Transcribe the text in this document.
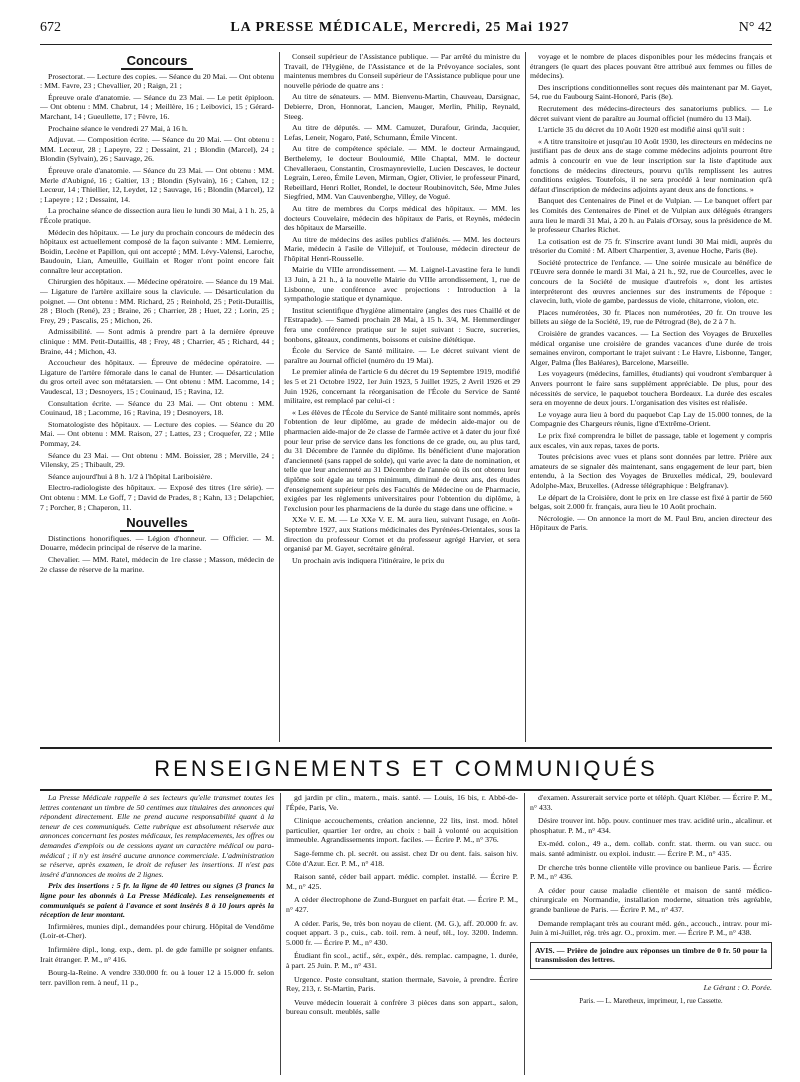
672	LA PRESSE MÉDICALE, Mercredi, 25 Mai 1927	N° 42
Concours

Prosectorat. — Lecture des copies. — Séance du 20 Mai. — Ont obtenu : MM. Favre, 23 ; Chevallier, 20 ; Raign, 21 ;

Épreuve orale d'anatomie. — Séance du 23 Mai. — Le petit épiploon. — Ont obtenu : MM. Chabrut, 14 ; Meillère, 16 ; Leibovici, 15 ; Gérard-Marchant, 14 ; Gueullette, 17 ; Fèvre, 16.

Prochaine séance le vendredi 27 Mai, à 16 h.

Adjuvat. — Composition écrite. — Séance du 20 Mai. — Ont obtenu : MM. Lecœur, 28 ; Lapeyre, 22 ; Dessaint, 21 ; Blondin (Marcel), 24 ; Blondin (Sylvain), 26 ; Sauvage, 26.

Épreuve orale d'anatomie. — Séance du 23 Mai. — Ont obtenu : MM. Merle d'Aubigné, 16 ; Galtier, 13 ; Blondin (Sylvain), 16 ; Cahen, 12 ; Lecœur, 14 ; Thiellier, 12, Leydet, 12 ; Sauvage, 16 ; Blondin (Marcel), 12 ; Lapeyre ; 12 ; Dessaint, 14.

La prochaine séance de dissection aura lieu le lundi 30 Mai, à 1 h. 25, à l'École pratique.

Médecin des hôpitaux. — Le jury du prochain concours de médecin des hôpitaux est actuellement composé de la façon suivante : MM. Lemierre, Boidin, Lecène et Papillon, qui ont accepté ; MM. Lévy-Valensi, Laroche, Baudouin, Lian, Ameuille, Guillain et Roger n'ont point encore fait connaître leur acceptation.

Chirurgien des hôpitaux. — Médecine opératoire. — Séance du 19 Mai. — Ligature de l'artère axillaire sous la clavicule. — Désarticulation du poignet. — Ont obtenu : MM. Richard, 25 ; Reinhold, 25 ; Petit-Dutaillis, 28 ; Bloch (René), 23 ; Braine, 26 ; Charrier, 28 ; Huet, 22 ; Lorin, 25 ; Frey, 29 ; Pascalis, 25 ; Michon, 26.

Admissibilité. — Sont admis à prendre part à la dernière épreuve clinique : MM. Petit-Dutaillis, 48 ; Frey, 48 ; Charrier, 45 ; Richard, 44 ; Braine, 44 ; Michon, 43.

Accoucheur des hôpitaux. — Épreuve de médecine opératoire. — Ligature de l'artère fémorale dans le canal de Hunter. — Désarticulation du gros orteil avec son métatarsien. — Ont obtenu : MM. Lacomme, 14 ; Vaudescal, 13 ; Desnoyers, 15 ; Couinaud, 15 ; Ravina, 12.

Consultation écrite. — Séance du 23 Mai. — Ont obtenu : MM. Couinaud, 18 ; Lacomme, 16 ; Ravina, 19 ; Desnoyers, 18.

Stomatologiste des hôpitaux. — Lecture des copies. — Séance du 20 Mai. — Ont obtenu : MM. Raison, 27 ; Lattes, 23 ; Croquefer, 22 ; Mlle Pommay, 24.

Séance du 23 Mai. — Ont obtenu : MM. Boissier, 28 ; Merville, 24 ; Vilensky, 25 ; Thibault, 29.

Séance aujourd'hui à 8 h. 1/2 à l'hôpital Lariboisière.

Electro-radiologiste des hôpitaux. — Exposé des titres (1re série). — Ont obtenu : MM. Le Goff, 7 ; David de Prades, 8 ; Kahn, 13 ; Delapchier, 7 ; Porcher, 8 ; Chaperon, 11.

Nouvelles

Distinctions honorifiques. — Légion d'honneur. — Officier. — M. Douarre, médecin principal de réserve de la marine.

Chevalier. — MM. Ratel, médecin de 1re classe ; Masson, médecin de 2e classe de réserve de la marine.

Conseil supérieur de l'Assistance publique. — Par arrêté du ministre du Travail, de l'Hygiène, de l'Assistance et de la Prévoyance sociales, sont maintenus membres du Conseil supérieur de l'Assistance publique pour une nouvelle période de quatre ans :

Au titre de sénateurs. — MM. Bienvenu-Martin, Chauveau, Darsignac, Debierre, Dron, Honnorat, Lancien, Mauger, Merlin, Philip, Reynald, Steeg.

Au titre de députés. — MM. Camuzet, Durafour, Grinda, Jacquier, Lefas, Leneir, Nogaro, Paté, Schumann, Émile Vincent.

Au titre de compétence spéciale. — MM. le docteur Armaingaud, Berthelemy, le docteur Bouloumié, Mlle Chaptal, MM. le docteur Chevalleraeu, Constantin, Crosmaynrevielle, Lucien Descaves, le docteur Legrain, Lereo, Émile Leven, Mirman, Ogier, Olivier, le professeur Pinard, Rebeillard, Henri Rollet, Rondel, le docteur Roubinovitch, Sée, Mme Jules Siegfried, MM. Van Cauvenberghe, Villey, de Vogué.

Au titre de membres du Corps médical des hôpitaux. — MM. les docteurs Couvelaire, médecin des hôpitaux de Paris, et Reynès, médecin des hôpitaux de Marseille.

Au titre de médecins des asiles publics d'aliénés. — MM. les docteurs Marie, médecin à l'asile de Villejuif, et Toulouse, médecin directeur de l'hôpital Henri-Rousselle.

Mairie du VIIIe arrondissement. — M. Laignel-Lavastine fera le lundi 13 Juin, à 21 h., à la nouvelle Mairie du VIIIe arrondissement, 1, rue de Lisbonne, une conférence avec projections : Introduction à la sympathologie statique et dynamique.

Institut scientifique d'hygiène alimentaire (angles des rues Chaillé et de l'Estrapade). — Samedi prochain 28 Mai, à 15 h. 3/4, M. Hemmerdinger fera une conférence pratique sur le sujet suivant : Sucre, sucreries, bonbons, gâteaux, condiments, boissons et cuisine diététique.

École du Service de Santé militaire. — Le décret suivant vient de paraître au Journal officiel (numéro du 19 Mai).

Le premier alinéa de l'article 6 du décret du 19 Septembre 1919, modifié les 5 et 21 Octobre 1922, 1er Juin 1923, 5 Juillet 1925, 2 Avril 1926 et 29 Juin 1926, concernant la réorganisation de l'École du Service de Santé militaire, est remplacé par celui-ci :

« Les élèves de l'École du Service de Santé militaire sont nommés, après l'obtention de leur diplôme, au grade de médecin aide-major ou de pharmacien aide-major de 2e classe de l'armée active et à dater du jour fixé pour leur prise de service dans les fonctions de ce grade, ou, au plus tard, du 31 Décembre de l'année du diplôme. Ils bénéficient d'une majoration d'ancienneté (sans rappel de solde), qui varie avec la date de nomination, et telle que leur ancienneté au 31 Décembre de l'année où ils ont obtenu leur diplôme soit égale au temps minimum, diminué de deux ans, des études d'enseignement supérieur près des Facultés de Médecine ou de Pharmacie, exigées par les règlements universitaires pour l'obtention du diplôme, à l'exclusion pour les pharmaciens de la durée du stage dans une officine. »

XXe V. E. M. — Le XXe V. E. M. aura lieu, suivant l'usage, en Août-Septembre 1927, aux Stations médicinales des Pyrénées-Orientales, sous la direction du professeur Cornet et du professeur agrégé Harvier, et sera organisé par M. Gayet, secrétaire général.

Un prochain avis indiquera l'itinéraire, le prix du

voyage et le nombre de places disponibles pour les médecins français et étrangers (le quart des places pouvant être attribué aux femmes ou filles de médecins).

Des inscriptions conditionnelles sont reçues dès maintenant par M. Gayet, 54, rue du Faubourg Saint-Honoré, Paris (8e).

Recrutement des médecins-directeurs des sanatoriums publics. — Le décret suivant vient de paraître au Journal officiel (numéro du 13 Mai).

L'article 35 du décret du 10 Août 1920 est modifié ainsi qu'il suit :

« A titre transitoire et jusqu'au 10 Août 1930, les directeurs en médecins ne justifiant pas de deux ans de stage comme médecins adjoints pourront être admis à concourir en vue de leur inscription sur la liste d'aptitude aux fonctions de médecins directeurs, pourvu qu'ils remplissent les autres conditions exigées. Toutefois, il ne sera procédé à leur nomination qu'à défaut d'inscription de médecins adjoints ayant deux ans de fonctions. »

Banquet des Centenaires de Pinel et de Vulpian. — Le banquet offert par les Comités des Centenaires de Pinel et de Vulpian aux délégués étrangers aura lieu le mardi 31 Mai, à 20 h. au Palais d'Orsay, sous la présidence de M. le professeur Charles Richet.

La cotisation est de 75 fr. S'inscrire avant lundi 30 Mai midi, auprès du trésorier du Comité : M. Albert Charpentier, 3, avenue Hoche, Paris (8e).

Société protectrice de l'enfance. — Une soirée musicale au bénéfice de l'Œuvre sera donnée le mardi 31 Mai, à 21 h., 92, rue de Courcelles, avec le concours de la Société de musique d'autrefois », dont les artistes interpréteront des œuvres anciennes sur des instruments de l'époque : clavecin, luth, viole de gambe, pardessus de viole, chitarrone, violon, etc.

Places numérotées, 30 fr. Places non numérotées, 20 fr. On trouve les billets au siège de la Société, 19, rue de Pétrograd (8e), de 2 à 7 h.

Croisière de grandes vacances. — La Section des Voyages de Bruxelles médical organise une croisière de grandes vacances d'une durée de trois semaines environ, comportant le trajet suivant : Le Havre, Lisbonne, Tanger, Alger, Palma (Îles Baléares), Barcelone, Marseille.

Les voyageurs (médecins, familles, étudiants) qui voudront s'embarquer à Anvers pourront le faire sans supplément appréciable. De plus, pour des nécessités de service, le paquebot touchera Bordeaux. La durée des escales sera en moyenne de deux jours. L'organisation des visites est réalisée.

Le voyage aura lieu à bord du paquebot Cap Lay de 15.000 tonnes, de la Compagnie des Chargeurs réunis, ligne d'Extrême-Orient.

Le prix fixé comprendra le billet de passage, table et logement y compris aux escales, vin aux repas, taxes de ports.

Toutes précisions avec vues et plans sont données par lettre. Prière aux amateurs de se signaler dès maintenant, sans engagement de leur part, bien entendu, à la Section des Voyages de Bruxelles médical, 29, boulevard Adolphe-Max, Bruxelles. (Adresse télégraphique : Belgfranav).

Le départ de la Croisière, dont le prix en 1re classe est fixé à partir de 560 belgas, soit 2.000 fr. français, aura lieu le 10 Août prochain.

Nécrologie. — On annonce la mort de M. Paul Bru, ancien directeur des Hôpitaux de Paris.

RENSEIGNEMENTS ET COMMUNIQUÉS

La Presse Médicale rappelle à ses lecteurs qu'elle transmet toutes les lettres contenant un timbre de 50 centimes aux titulaires des annonces qui répondent directement. Elle ne prend aucune responsabilité quant à la teneur de ces communiqués. Cette rubrique est absolument réservée aux annonces concernant les postes médicaux, les remplacements, les offres ou demandes d'emplois ou de cessions ayant un caractère médical ou para-médical ; il n'y est inséré aucune annonce commerciale. L'administration se réserve, après examen, le droit de refuser les insertions. Il n'est pas inséré d'annonces de moins de 2 lignes.

Prix des insertions : 5 fr. la ligne de 40 lettres ou signes (3 francs la ligne pour les abonnés à La Presse Médicale). Les renseignements et communiqués se paient à l'avance et sont insérés 8 à 10 jours après la réception de leur montant.

Infirmières, munies dipl., demandées pour chirurg. Hôpital de Vendôme (Loir-et-Cher).

Infirmière dipl., long. exp., dem. pl. de gde famille pr soigner enfants. Irait étranger. P. M., n° 416.

Bourg-la-Reine. A vendre 330.000 fr. ou à louer 12 à 15.000 fr. selon terr. pavillon rem. à neuf, 11 p.,

gd jardin pr clin., matern., mais. santé. — Louis, 16 bis, r. Abbé-de-l'Épée, Paris, Ve.

Clinique accouchements, création ancienne, 22 lits, inst. mod. hôtel particulier, quartier 1er ordre, au choix : bail à volonté ou acquisition immeuble. Agrandissements import. faciles. — Écrire P. M., n° 376.

Sage-femme ch. pl. secrét. ou assist. chez Dr ou dent. fais. saison hiv. Côte d'Azur. Ecr. P. M., n° 418.

Raison santé, céder bail appart. médic. complet. installé. — Écrire P. M., n° 425.

A céder électrophone de Zund-Burguet en parfait état. — Écrire P. M., n° 427.

A céder. Paris, 9e, très bon noyau de client. (M. G.), aff. 20.000 fr. av. coquet appart. 3 p., cuis., cab. toil. rem. à neuf, tél., loy. 3200. Indemn. 5.000 fr. — Écrire P. M., n° 430.

Étudiant fin scol., actif., sér., expér., dés. remplac. campagne, 1. durée, à part. 25 Juin. P. M., n° 431.

Urgence. Poste consultant, station thermale, Savoie, à prendre. Écrire Rey, 213, r. St-Martin, Paris.

Veuve médecin louerait à confrère 3 pièces dans son appart., salon, bureau consult. meublés, salle

d'examen. Assurerait service porte et téléph. Quart Kléber. — Écrire P. M., n° 433.

Désire trouver int. hôp. pouv. continuer mes trav. acidité urin., alcalinur. et phosphatur. P. M., n° 434.

Ex-méd. colon., 49 a., dem. collab. confr. stat. therm. ou van succ. ou mais. santé administr. ou exploi. industr. — Écrire P. M., n° 435.

Dr cherche très bonne clientèle ville province ou banlieue Paris. — Écrire P. M., n° 436.

A céder pour cause maladie clientèle et maison de santé médico-chirurgicale en Normandie, installation moderne, situation très agréable, grande banlieue de Paris. — Écrire P. M., n° 437.

Demande remplaçant très au courant méd. gén., accouch., intrav. pour mi-Juin à mi-Juillet, rég. très agr. O., proxim. mer. — Écrire P. M., n° 438.

AVIS. — Prière de joindre aux réponses un timbre de 0 fr. 50 pour la transmission des lettres.
Le Gérant : O. Porée.
Paris. — L. Maretheux, imprimeur, 1, rue Cassette.
